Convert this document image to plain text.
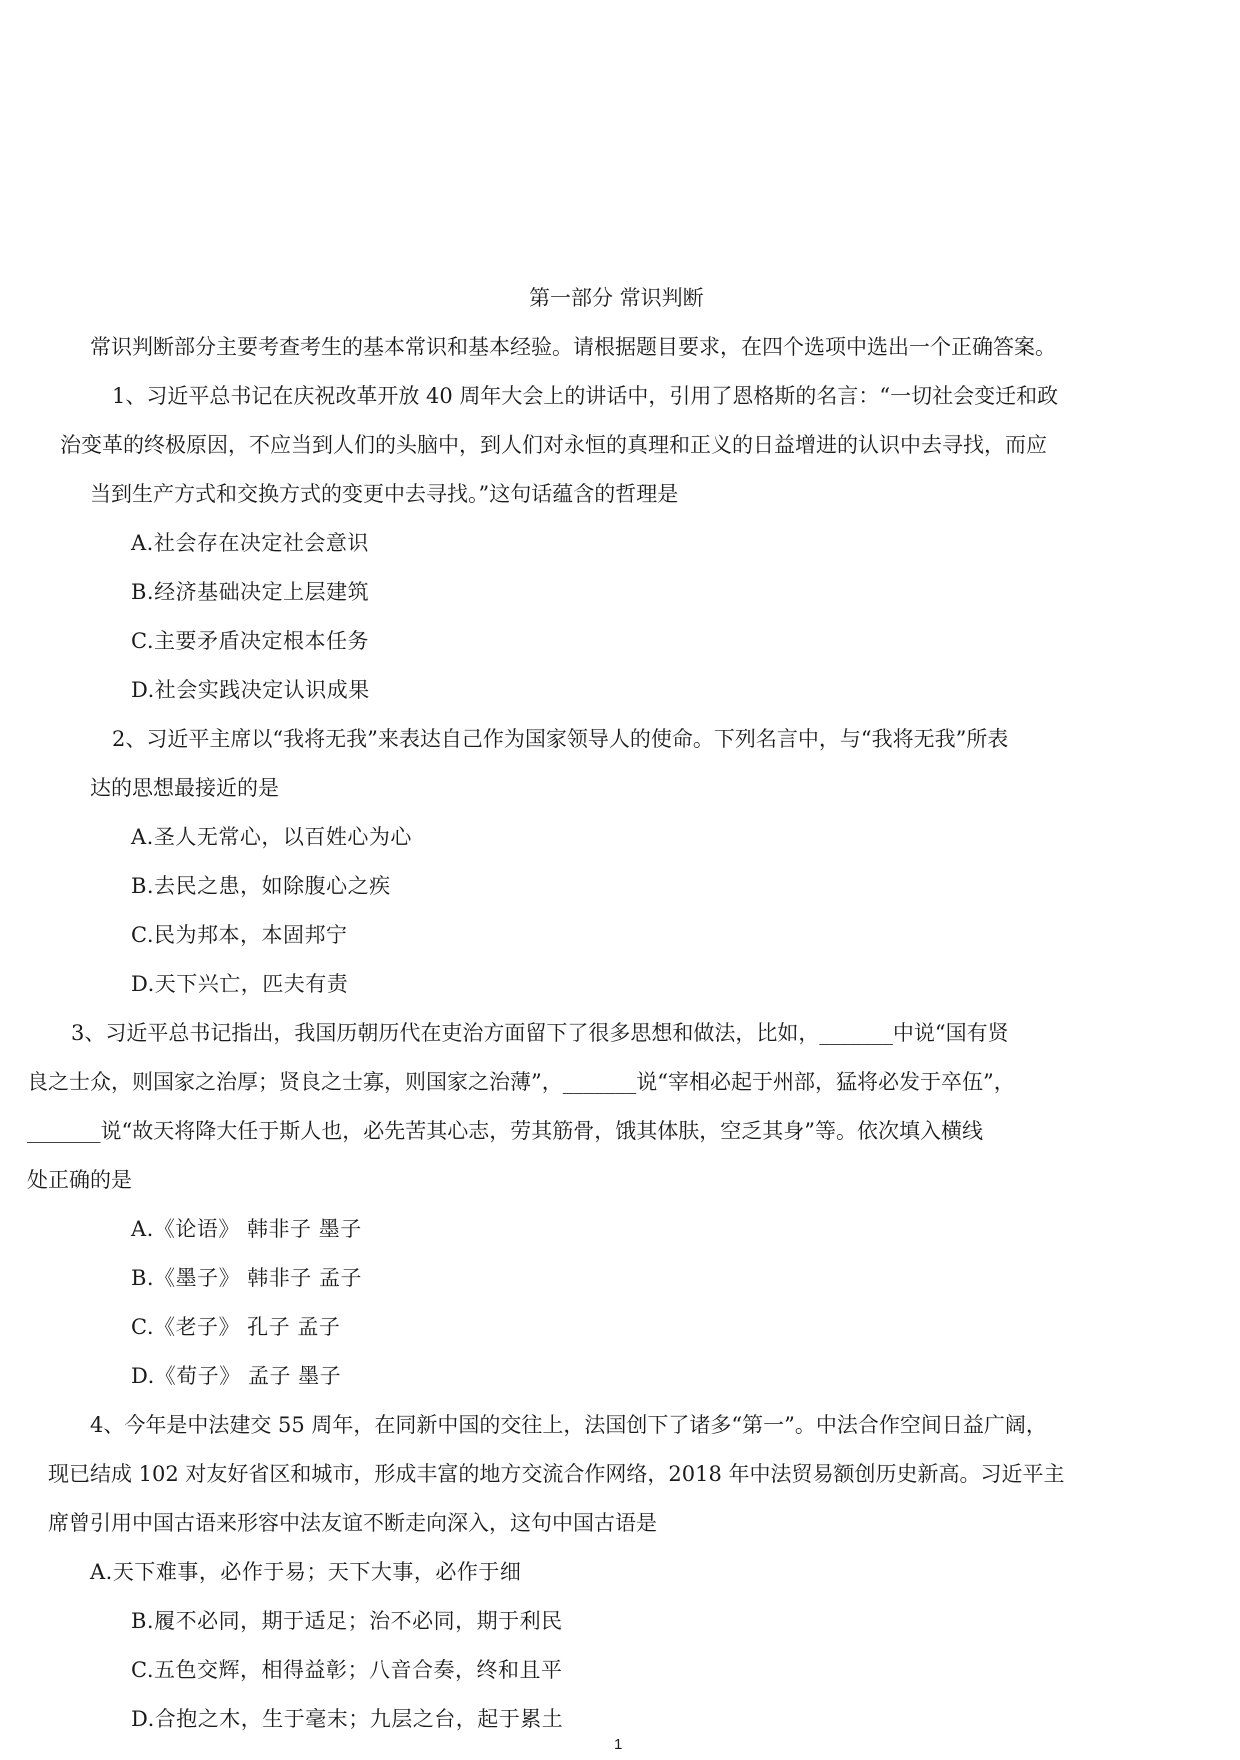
第一部分 常识判断
常识判断部分主要考查考生的基本常识和基本经验。请根据题目要求，在四个选项中选出一个正确答案。
1、习近平总书记在庆祝改革开放 40 周年大会上的讲话中，引用了恩格斯的名言：“一切社会变迁和政
治变革的终极原因，不应当到人们的头脑中，到人们对永恒的真理和正义的日益增进的认识中去寻找，而应
当到生产方式和交换方式的变更中去寻找。”这句话蕴含的哲理是
A.社会存在决定社会意识
B.经济基础决定上层建筑
C.主要矛盾决定根本任务
D.社会实践决定认识成果
2、习近平主席以“我将无我”来表达自己作为国家领导人的使命。下列名言中，与“我将无我”所表
达的思想最接近的是
A.圣人无常心，以百姓心为心
B.去民之患，如除腹心之疾
C.民为邦本，本固邦宁
D.天下兴亡，匹夫有责
3、习近平总书记指出，我国历朝历代在吏治方面留下了很多思想和做法，比如，_______中说“国有贤
良之士众，则国家之治厚；贤良之士寡，则国家之治薄”，_______说“宰相必起于州部，猛将必发于卒伍”，
_______说“故天将降大任于斯人也，必先苦其心志，劳其筋骨，饿其体肤，空乏其身”等。依次填入横线
处正确的是
A.《论语》 韩非子 墨子
B.《墨子》 韩非子 孟子
C.《老子》 孔子 孟子
D.《荀子》 孟子 墨子
4、今年是中法建交 55 周年，在同新中国的交往上，法国创下了诸多“第一”。中法合作空间日益广阔，
现已结成 102 对友好省区和城市，形成丰富的地方交流合作网络，2018 年中法贸易额创历史新高。习近平主
席曾引用中国古语来形容中法友谊不断走向深入，这句中国古语是
A.天下难事，必作于易；天下大事，必作于细
B.履不必同，期于适足；治不必同，期于利民
C.五色交辉，相得益彰；八音合奏，终和且平
D.合抱之木，生于毫末；九层之台，起于累土
1
